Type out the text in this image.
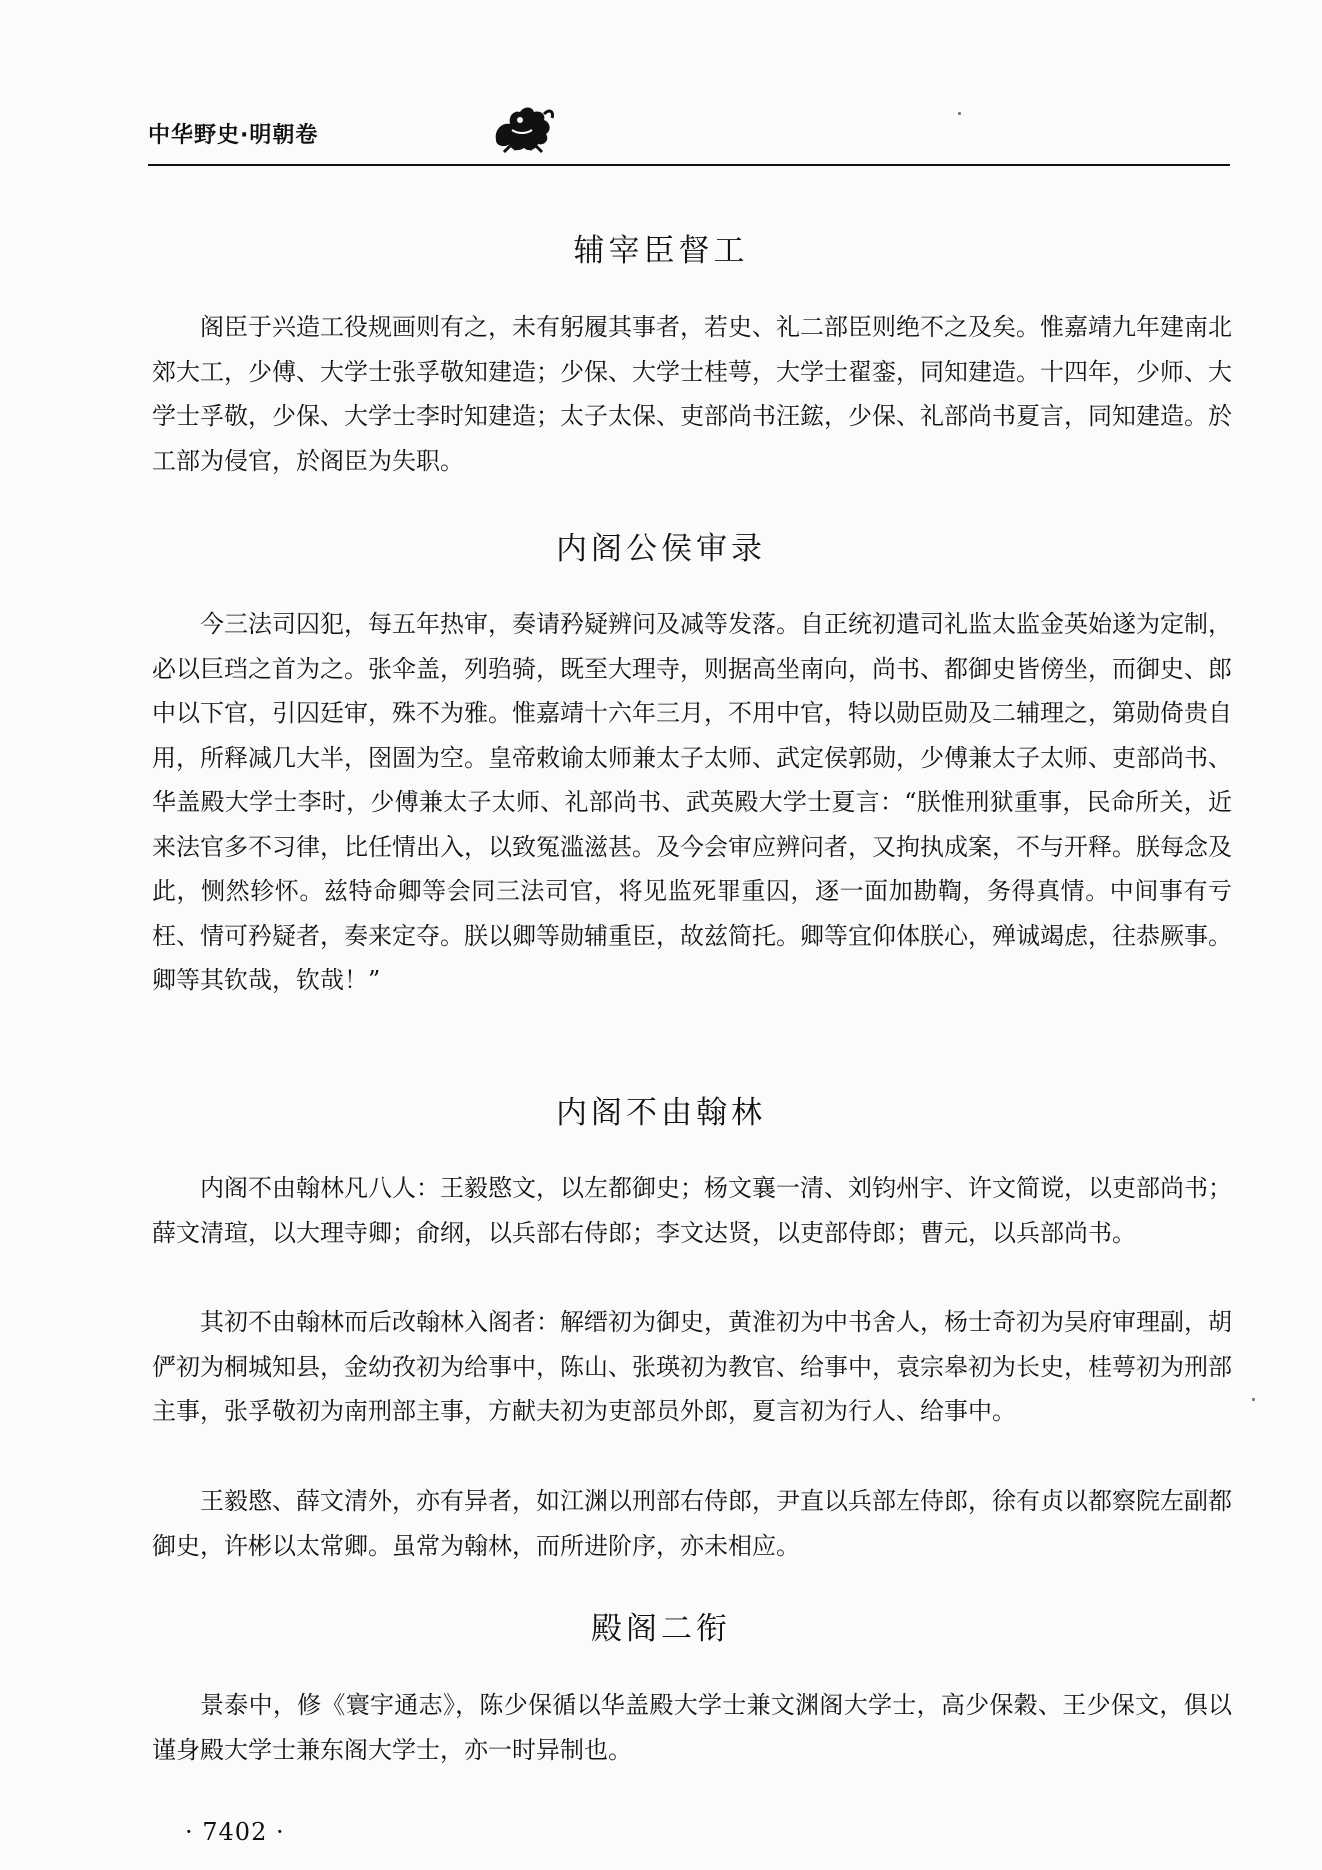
中华野史·明朝卷
辅宰臣督工

阁臣于兴造工役规画则有之，未有躬履其事者，若史、礼二部臣则绝不之及矣。惟嘉靖九年建南北郊大工，少傅、大学士张孚敬知建造；少保、大学士桂萼，大学士翟銮，同知建造。十四年，少师、大学士孚敬，少保、大学士李时知建造；太子太保、吏部尚书汪鋐，少保、礼部尚书夏言，同知建造。於工部为侵官，於阁臣为失职。

内阁公侯审录

今三法司囚犯，每五年热审，奏请矜疑辨问及减等发落。自正统初遣司礼监太监金英始遂为定制，必以巨珰之首为之。张伞盖，列驺骑，既至大理寺，则据高坐南向，尚书、都御史皆傍坐，而御史、郎中以下官，引囚廷审，殊不为雅。惟嘉靖十六年三月，不用中官，特以勋臣勋及二辅理之，第勋倚贵自用，所释减几大半，囹圄为空。皇帝敕谕太师兼太子太师、武定侯郭勋，少傅兼太子太师、吏部尚书、华盖殿大学士李时，少傅兼太子太师、礼部尚书、武英殿大学士夏言：“朕惟刑狱重事，民命所关，近来法官多不习律，比任情出入，以致冤滥滋甚。及今会审应辨问者，又拘执成案，不与开释。朕每念及此，恻然轸怀。兹特命卿等会同三法司官，将见监死罪重囚，逐一面加勘鞫，务得真情。中间事有亏枉、情可矜疑者，奏来定夺。朕以卿等勋辅重臣，故兹简托。卿等宜仰体朕心，殚诚竭虑，往恭厥事。卿等其钦哉，钦哉！”

内阁不由翰林

内阁不由翰林凡八人：王毅愍文，以左都御史；杨文襄一清、刘钧州宇、许文简谠，以吏部尚书；薛文清瑄，以大理寺卿；俞纲，以兵部右侍郎；李文达贤，以吏部侍郎；曹元，以兵部尚书。

其初不由翰林而后改翰林入阁者：解缙初为御史，黄淮初为中书舍人，杨士奇初为吴府审理副，胡俨初为桐城知县，金幼孜初为给事中，陈山、张瑛初为教官、给事中，袁宗皋初为长史，桂萼初为刑部主事，张孚敬初为南刑部主事，方献夫初为吏部员外郎，夏言初为行人、给事中。

王毅愍、薛文清外，亦有异者，如江渊以刑部右侍郎，尹直以兵部左侍郎，徐有贞以都察院左副都御史，许彬以太常卿。虽常为翰林，而所进阶序，亦未相应。

殿阁二衔

景泰中，修《寰宇通志》，陈少保循以华盖殿大学士兼文渊阁大学士，高少保穀、王少保文，俱以谨身殿大学士兼东阁大学士，亦一时异制也。

· 7402 ·
